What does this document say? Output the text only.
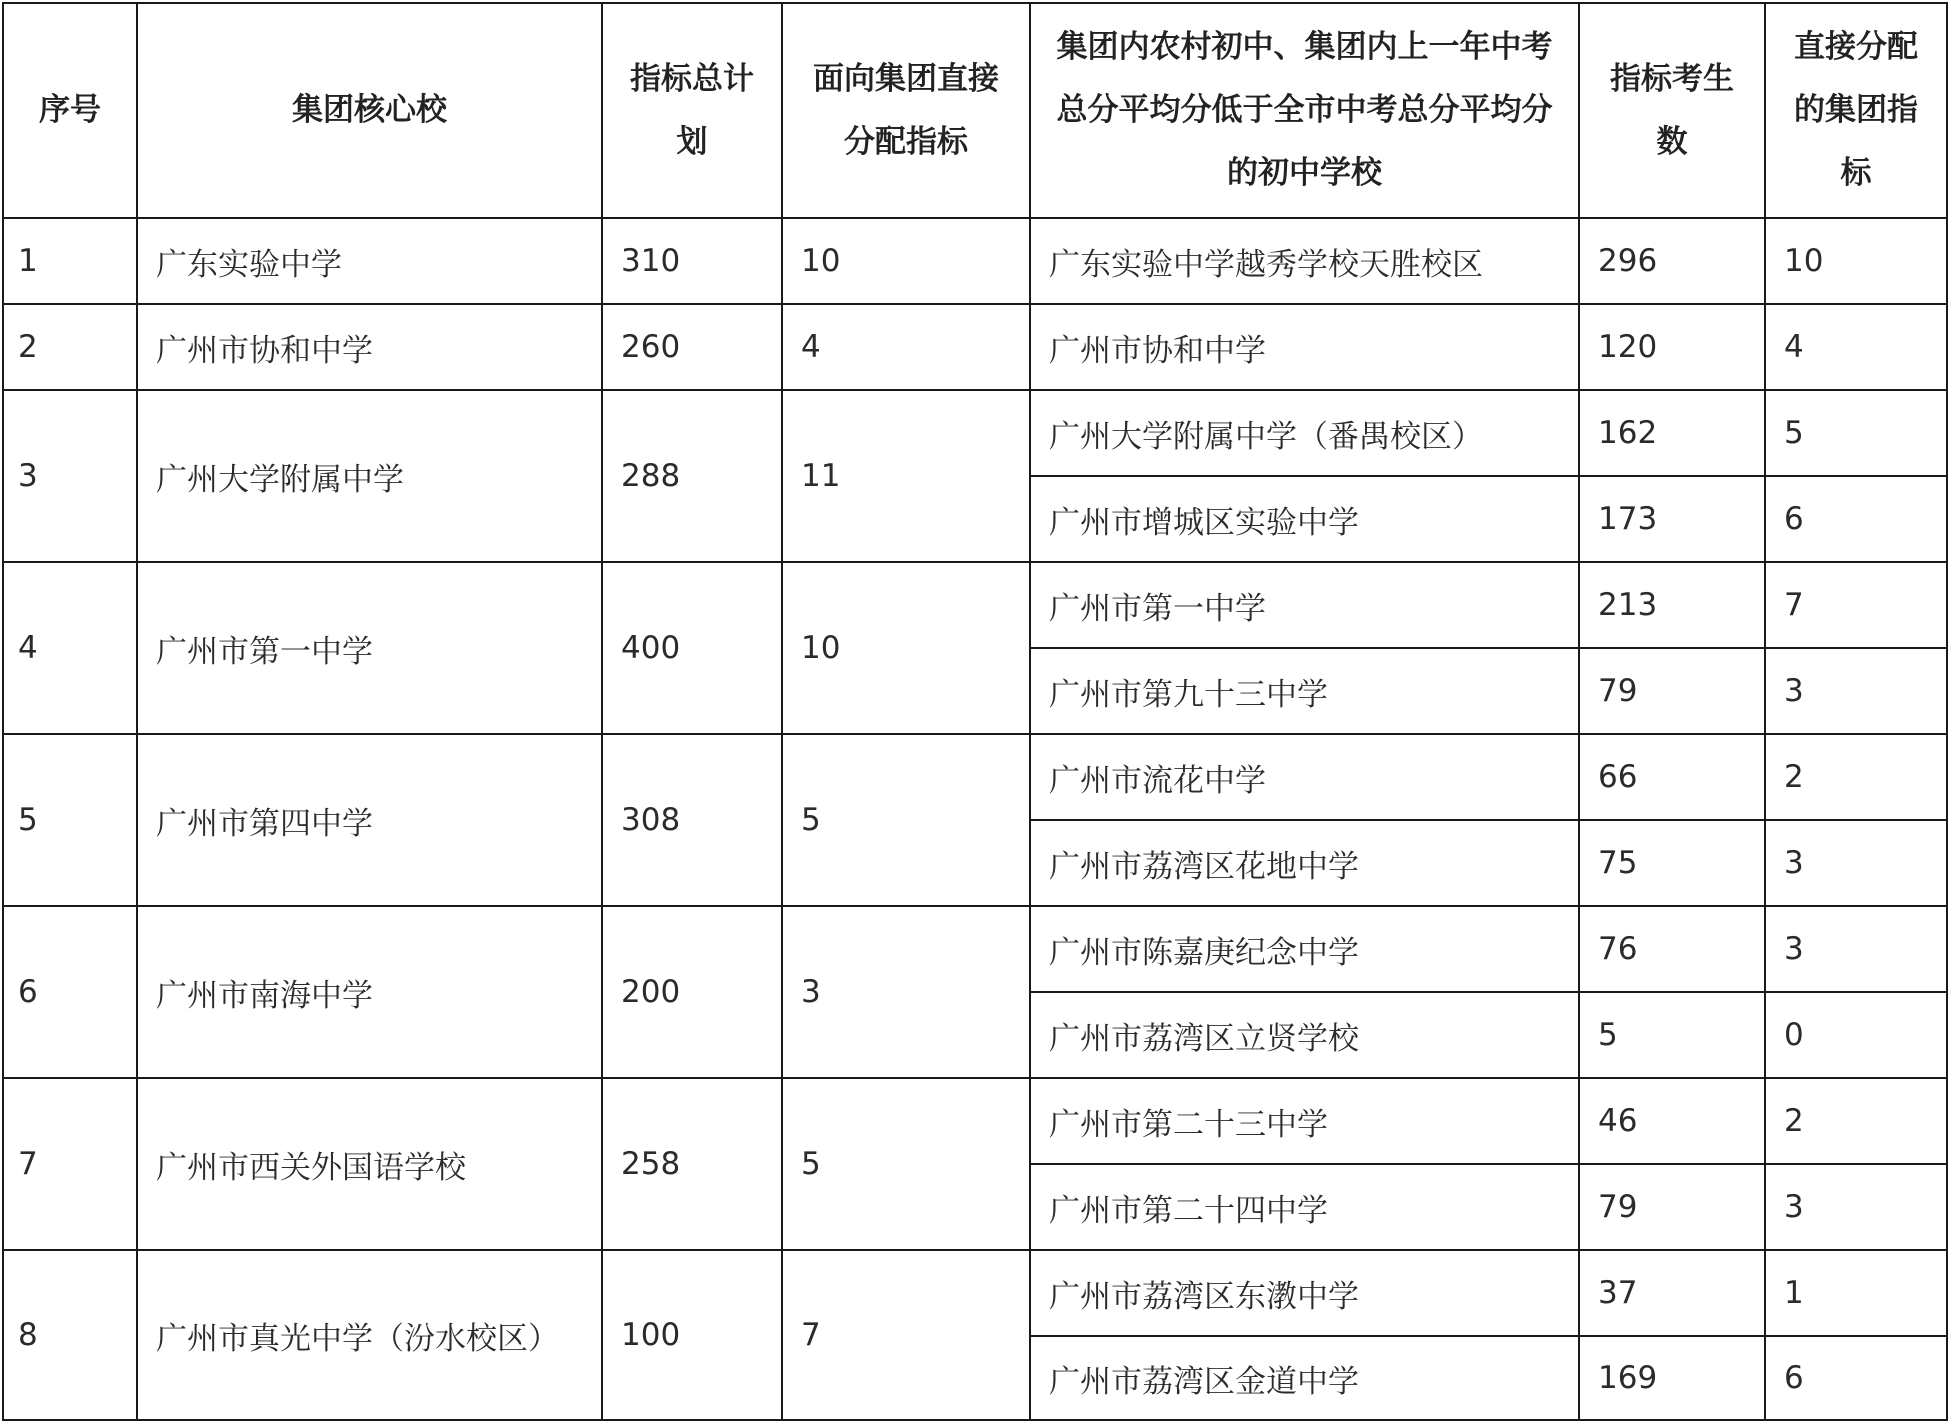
序号	集团核心校	指标总计划	面向集团直接分配指标	集团内农村初中、集团内上一年中考总分平均分低于全市中考总分平均分的初中学校	指标考生数	直接分配的集团指标
1	广东实验中学	310	10	广东实验中学越秀学校天胜校区	296	10
2	广州市协和中学	260	4	广州市协和中学	120	4
3	广州大学附属中学	288	11	广州大学附属中学（番禺校区）	162	5
				广州市增城区实验中学	173	6
4	广州市第一中学	400	10	广州市第一中学	213	7
				广州市第九十三中学	79	3
5	广州市第四中学	308	5	广州市流花中学	66	2
				广州市荔湾区花地中学	75	3
6	广州市南海中学	200	3	广州市陈嘉庚纪念中学	76	3
				广州市荔湾区立贤学校	5	0
7	广州市西关外国语学校	258	5	广州市第二十三中学	46	2
				广州市第二十四中学	79	3
8	广州市真光中学（汾水校区）	100	7	广州市荔湾区东漖中学	37	1
				广州市荔湾区金道中学	169	6
